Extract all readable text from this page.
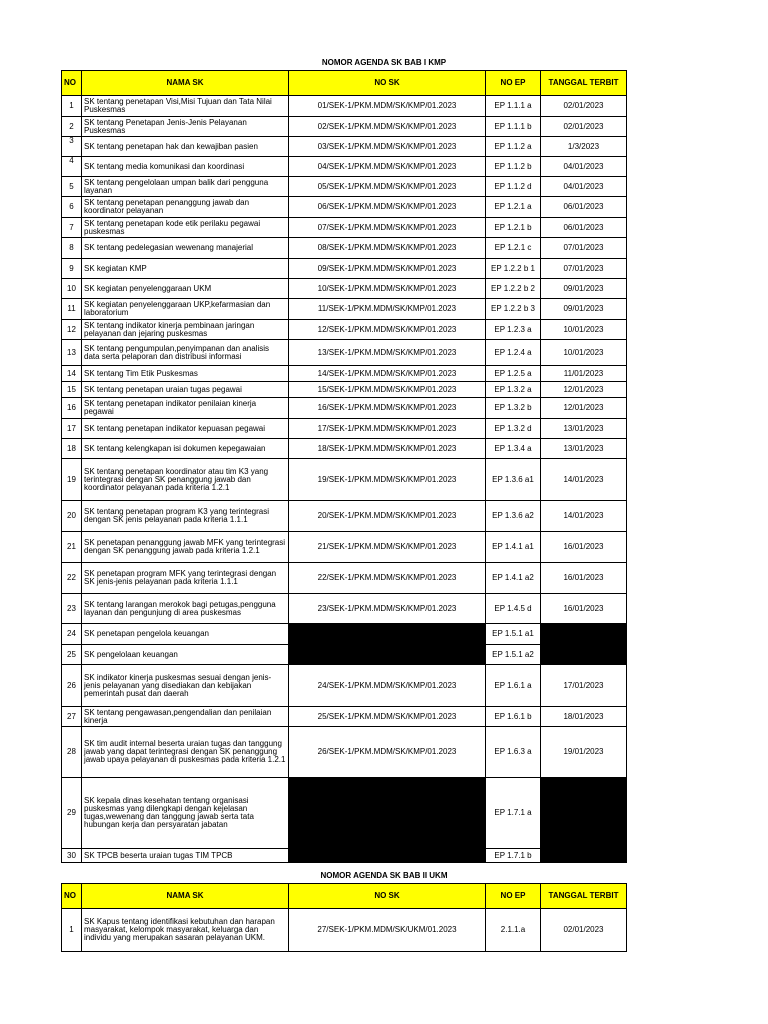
NOMOR AGENDA SK BAB I KMP
NO	NAMA SK	NO SK	NO EP	TANGGAL TERBIT
1	SK tentang penetapan Visi,Misi Tujuan dan Tata Nilai Puskesmas	01/SEK-1/PKM.MDM/SK/KMP/01.2023	EP 1.1.1 a	02/01/2023
2	SK tentang Penetapan Jenis-Jenis Pelayanan Puskesmas	02/SEK-1/PKM.MDM/SK/KMP/01.2023	EP 1.1.1 b	02/01/2023
3	SK tentang penetapan hak dan kewajiban pasien	03/SEK-1/PKM.MDM/SK/KMP/01.2023	EP 1.1.2 a	1/3/2023
4	SK tentang media komunikasi dan koordinasi	04/SEK-1/PKM.MDM/SK/KMP/01.2023	EP 1.1.2 b	04/01/2023
5	SK tentang pengelolaan umpan balik dari pengguna layanan	05/SEK-1/PKM.MDM/SK/KMP/01.2023	EP 1.1.2 d	04/01/2023
6	SK tentang penetapan penanggung jawab dan koordinator pelayanan	06/SEK-1/PKM.MDM/SK/KMP/01.2023	EP 1.2.1 a	06/01/2023
7	SK tentang penetapan kode etik perilaku pegawai puskesmas	07/SEK-1/PKM.MDM/SK/KMP/01.2023	EP 1.2.1 b	06/01/2023
8	SK tentang pedelegasian wewenang manajerial	08/SEK-1/PKM.MDM/SK/KMP/01.2023	EP 1.2.1 c	07/01/2023
9	SK kegiatan KMP	09/SEK-1/PKM.MDM/SK/KMP/01.2023	EP 1.2.2 b 1	07/01/2023
10	SK kegiatan penyelenggaraan UKM	10/SEK-1/PKM.MDM/SK/KMP/01.2023	EP 1.2.2 b 2	09/01/2023
11	SK kegiatan penyelenggaraan UKP,kefarmasian dan laboratorium	11/SEK-1/PKM.MDM/SK/KMP/01.2023	EP 1.2.2 b 3	09/01/2023
12	SK tentang indikator kinerja pembinaan jaringan pelayanan dan jejaring puskesmas	12/SEK-1/PKM.MDM/SK/KMP/01.2023	EP 1.2.3 a	10/01/2023
13	SK tentang pengumpulan,penyimpanan dan analisis data serta pelaporan dan distribusi informasi	13/SEK-1/PKM.MDM/SK/KMP/01.2023	EP 1.2.4 a	10/01/2023
14	SK tentang Tim Etik Puskesmas	14/SEK-1/PKM.MDM/SK/KMP/01.2023	EP 1.2.5 a	11/01/2023
15	SK tentang penetapan uraian tugas pegawai	15/SEK-1/PKM.MDM/SK/KMP/01.2023	EP 1.3.2 a	12/01/2023
16	SK tentang penetapan indikator penilaian kinerja pegawai	16/SEK-1/PKM.MDM/SK/KMP/01.2023	EP 1.3.2 b	12/01/2023
17	SK tentang penetapan indikator kepuasan pegawai	17/SEK-1/PKM.MDM/SK/KMP/01.2023	EP 1.3.2 d	13/01/2023
18	SK tentang kelengkapan isi dokumen kepegawaian	18/SEK-1/PKM.MDM/SK/KMP/01.2023	EP 1.3.4 a	13/01/2023
19	SK tentang penetapan koordinator atau tim K3 yang terintegrasi dengan SK penanggung jawab dan koordinator pelayanan pada kriteria 1.2.1	19/SEK-1/PKM.MDM/SK/KMP/01.2023	EP 1.3.6 a1	14/01/2023
20	SK tentang penetapan program K3 yang terintegrasi dengan SK jenis pelayanan pada kriteria 1.1.1	20/SEK-1/PKM.MDM/SK/KMP/01.2023	EP 1.3.6 a2	14/01/2023
21	SK penetapan penanggung jawab MFK yang terintegrasi dengan SK penanggung jawab pada kriteria 1.2.1	21/SEK-1/PKM.MDM/SK/KMP/01.2023	EP 1.4.1 a1	16/01/2023
22	SK penetapan program MFK yang terintegrasi dengan SK jenis-jenis pelayanan pada kriteria 1.1.1	22/SEK-1/PKM.MDM/SK/KMP/01.2023	EP 1.4.1 a2	16/01/2023
23	SK tentang larangan merokok bagi petugas,pengguna layanan dan pengunjung di area puskesmas	23/SEK-1/PKM.MDM/SK/KMP/01.2023	EP 1.4.5 d	16/01/2023
24	SK penetapan pengelola keuangan		EP 1.5.1 a1	
25	SK pengelolaan keuangan		EP 1.5.1 a2	
26	SK indikator kinerja puskesmas sesuai dengan jenis-jenis pelayanan yang disediakan dan kebijakan pemerintah pusat dan daerah	24/SEK-1/PKM.MDM/SK/KMP/01.2023	EP 1.6.1 a	17/01/2023
27	SK tentang pengawasan,pengendalian dan penilaian kinerja	25/SEK-1/PKM.MDM/SK/KMP/01.2023	EP 1.6.1 b	18/01/2023
28	SK tim audit internal beserta uraian tugas dan tanggung jawab yang dapat terintegrasi dengan SK penanggung jawab upaya pelayanan di puskesmas pada kriteria 1.2.1	26/SEK-1/PKM.MDM/SK/KMP/01.2023	EP 1.6.3 a	19/01/2023
29	SK kepala dinas kesehatan tentang organisasi puskesmas yang dilengkapi dengan kejelasan tugas,wewenang dan tanggung jawab serta tata hubungan kerja dan persyaratan jabatan		EP 1.7.1 a	
30	SK TPCB beserta uraian tugas TIM TPCB		EP 1.7.1 b	
NOMOR AGENDA SK BAB II UKM
NO	NAMA SK	NO SK	NO EP	TANGGAL TERBIT
1	SK Kapus tentang identifikasi kebutuhan dan harapan masyarakat, kelompok masyarakat, keluarga dan individu yang merupakan sasaran pelayanan UKM.	27/SEK-1/PKM.MDM/SK/UKM/01.2023	2.1.1.a	02/01/2023
